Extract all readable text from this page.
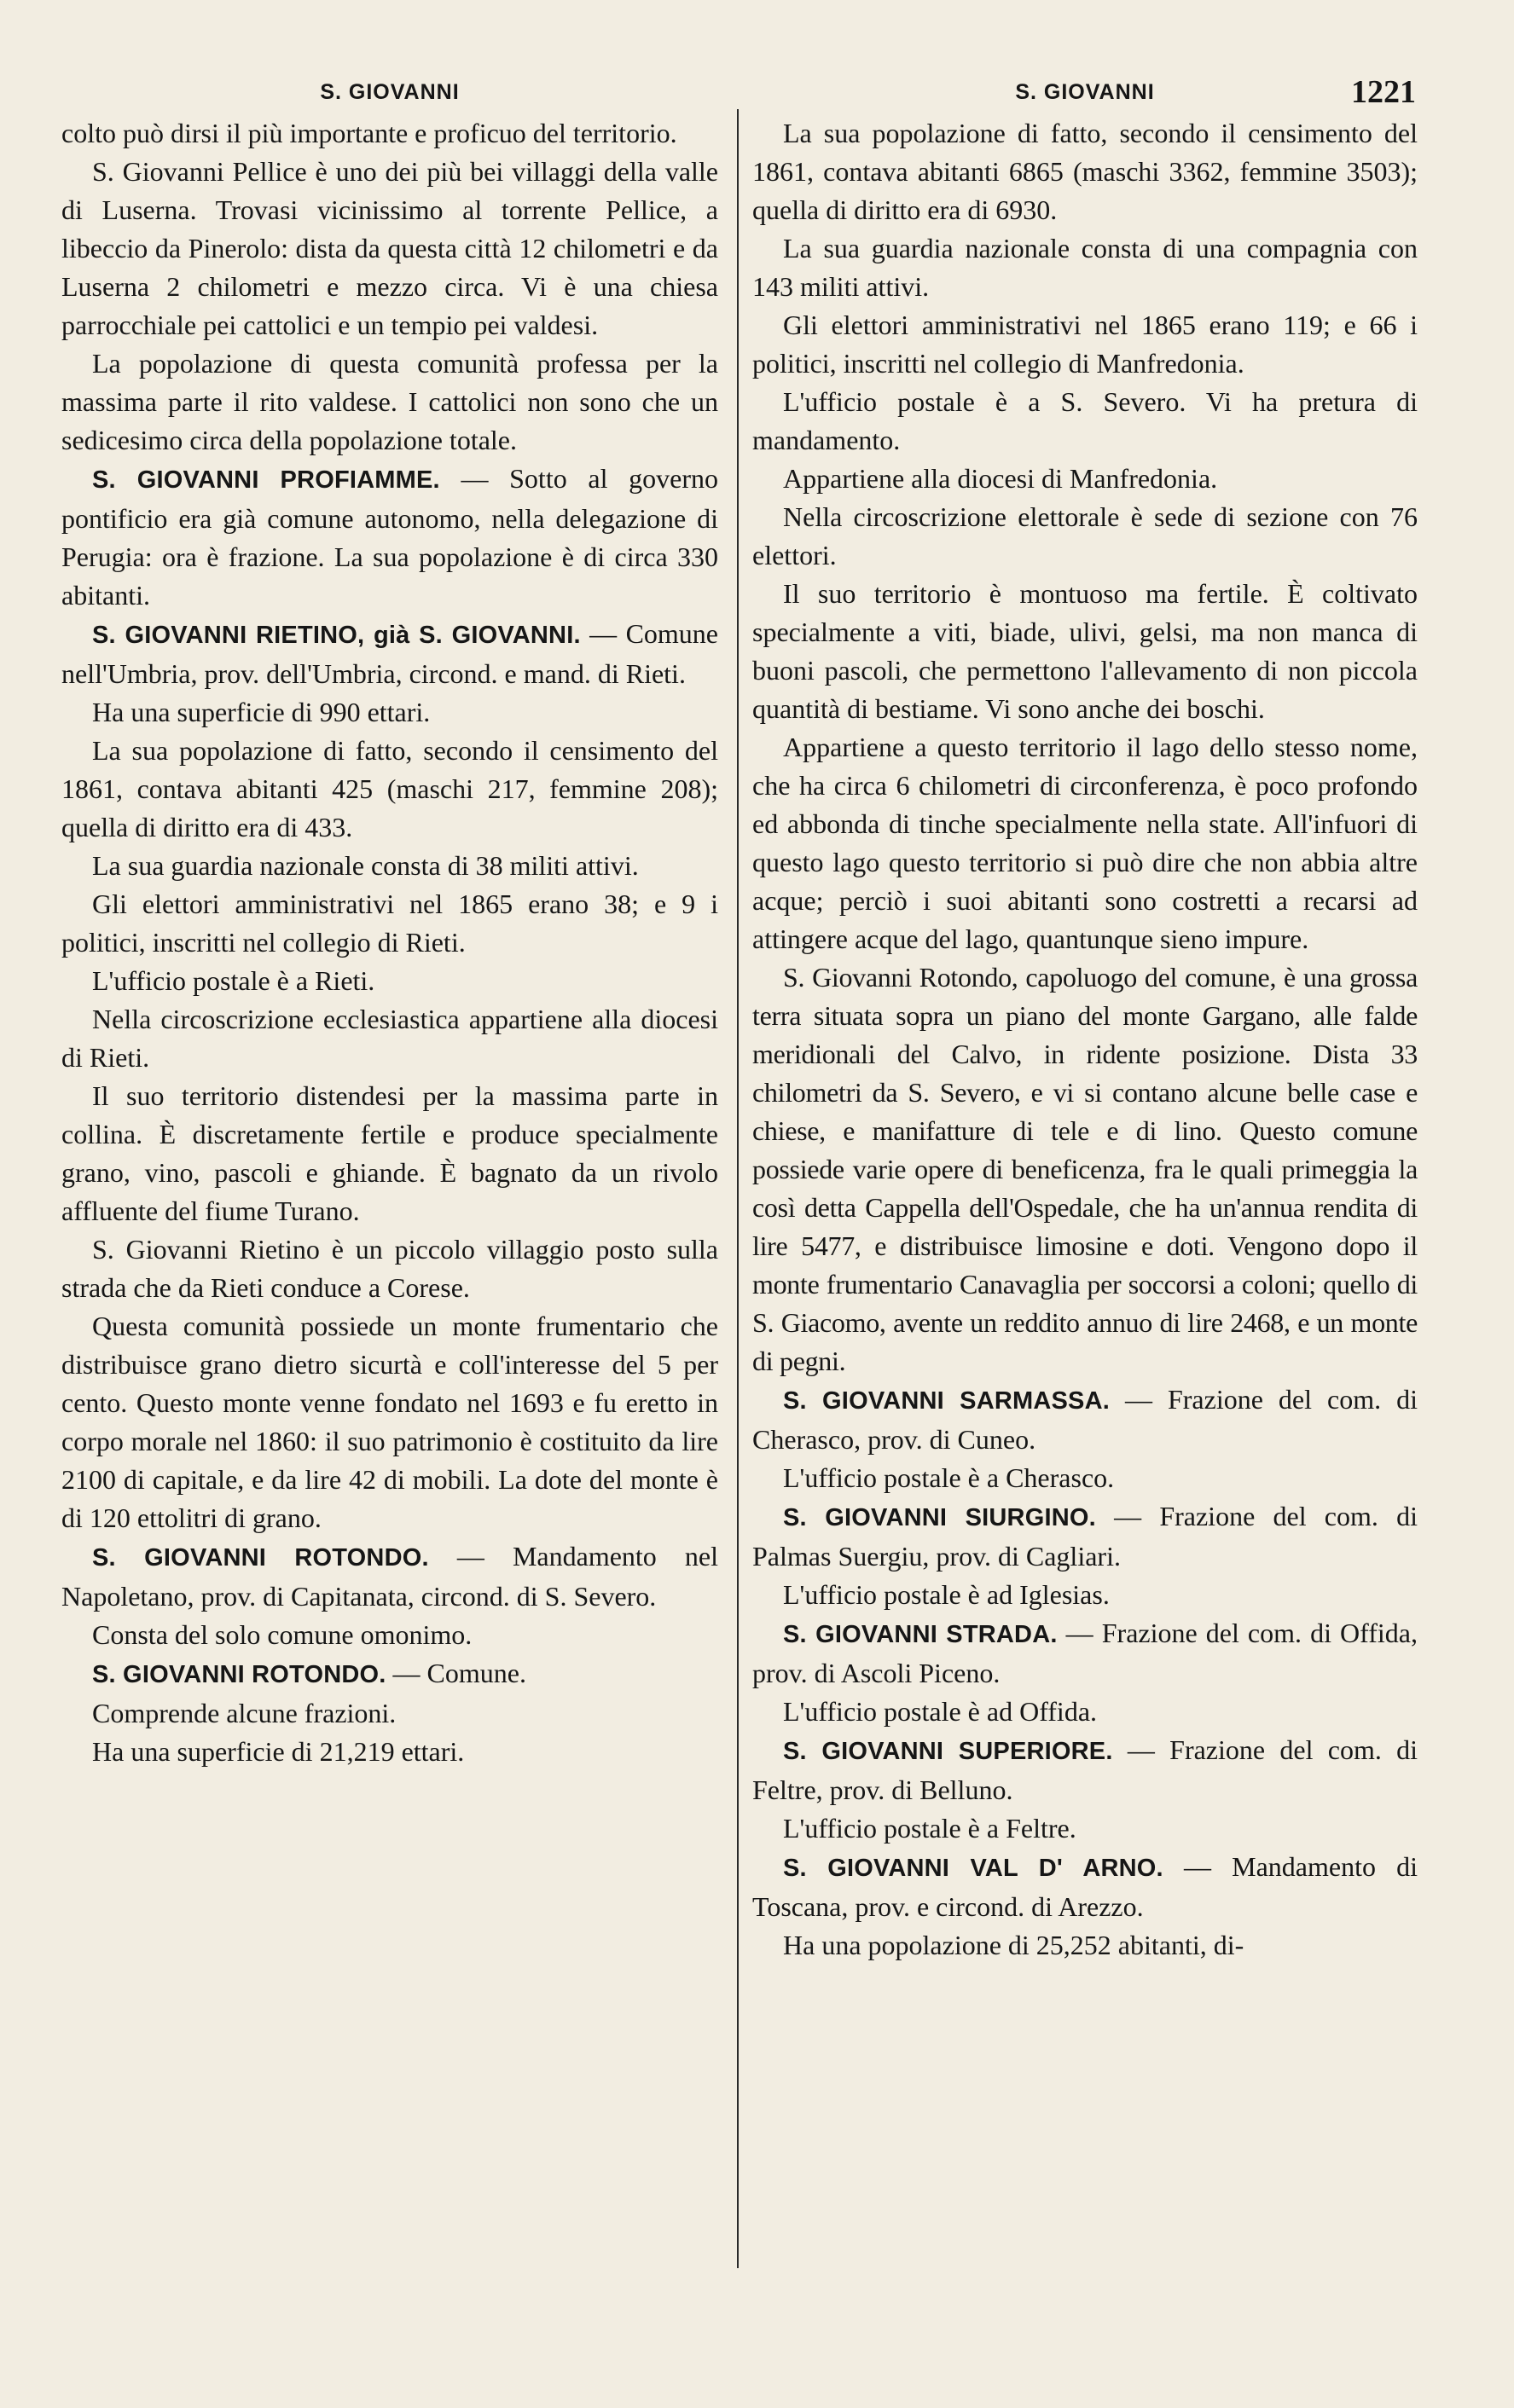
S. GIOVANNI

colto può dirsi il più importante e proficuo del territorio.

S. Giovanni Pellice è uno dei più bei villaggi della valle di Luserna. Trovasi vicinissimo al torrente Pellice, a libeccio da Pinerolo: dista da questa città 12 chilometri e da Luserna 2 chilometri e mezzo circa. Vi è una chiesa parrocchiale pei cattolici e un tempio pei valdesi.

La popolazione di questa comunità professa per la massima parte il rito valdese. I cattolici non sono che un sedicesimo circa della popolazione totale.

S. GIOVANNI PROFIAMME. — Sotto al governo pontificio era già comune autonomo, nella delegazione di Perugia: ora è frazione. La sua popolazione è di circa 330 abitanti.

S. GIOVANNI RIETINO, già S. GIOVANNI. — Comune nell'Umbria, prov. dell'Umbria, circond. e mand. di Rieti.

Ha una superficie di 990 ettari.

La sua popolazione di fatto, secondo il censimento del 1861, contava abitanti 425 (maschi 217, femmine 208); quella di diritto era di 433.

La sua guardia nazionale consta di 38 militi attivi.

Gli elettori amministrativi nel 1865 erano 38; e 9 i politici, inscritti nel collegio di Rieti.

L'ufficio postale è a Rieti.

Nella circoscrizione ecclesiastica appartiene alla diocesi di Rieti.

Il suo territorio distendesi per la massima parte in collina. È discretamente fertile e produce specialmente grano, vino, pascoli e ghiande. È bagnato da un rivolo affluente del fiume Turano.

S. Giovanni Rietino è un piccolo villaggio posto sulla strada che da Rieti conduce a Corese.

Questa comunità possiede un monte frumentario che distribuisce grano dietro sicurtà e coll'interesse del 5 per cento. Questo monte venne fondato nel 1693 e fu eretto in corpo morale nel 1860: il suo patrimonio è costituito da lire 2100 di capitale, e da lire 42 di mobili. La dote del monte è di 120 ettolitri di grano.

S. GIOVANNI ROTONDO. — Mandamento nel Napoletano, prov. di Capitanata, circond. di S. Severo.

Consta del solo comune omonimo.

S. GIOVANNI ROTONDO. — Comune.

Comprende alcune frazioni.

Ha una superficie di 21,219 ettari.

S. GIOVANNI	1221

La sua popolazione di fatto, secondo il censimento del 1861, contava abitanti 6865 (maschi 3362, femmine 3503); quella di diritto era di 6930.

La sua guardia nazionale consta di una compagnia con 143 militi attivi.

Gli elettori amministrativi nel 1865 erano 119; e 66 i politici, inscritti nel collegio di Manfredonia.

L'ufficio postale è a S. Severo. Vi ha pretura di mandamento.

Appartiene alla diocesi di Manfredonia.

Nella circoscrizione elettorale è sede di sezione con 76 elettori.

Il suo territorio è montuoso ma fertile. È coltivato specialmente a viti, biade, ulivi, gelsi, ma non manca di buoni pascoli, che permettono l'allevamento di non piccola quantità di bestiame. Vi sono anche dei boschi.

Appartiene a questo territorio il lago dello stesso nome, che ha circa 6 chilometri di circonferenza, è poco profondo ed abbonda di tinche specialmente nella state. All'infuori di questo lago questo territorio si può dire che non abbia altre acque; perciò i suoi abitanti sono costretti a recarsi ad attingere acque del lago, quantunque sieno impure.

S. Giovanni Rotondo, capoluogo del comune, è una grossa terra situata sopra un piano del monte Gargano, alle falde meridionali del Calvo, in ridente posizione. Dista 33 chilometri da S. Severo, e vi si contano alcune belle case e chiese, e manifatture di tele e di lino. Questo comune possiede varie opere di beneficenza, fra le quali primeggia la così detta Cappella dell'Ospedale, che ha un'annua rendita di lire 5477, e distribuisce limosine e doti. Vengono dopo il monte frumentario Canavaglia per soccorsi a coloni; quello di S. Giacomo, avente un reddito annuo di lire 2468, e un monte di pegni.

S. GIOVANNI SARMASSA. — Frazione del com. di Cherasco, prov. di Cuneo.

L'ufficio postale è a Cherasco.

S. GIOVANNI SIURGINO. — Frazione del com. di Palmas Suergiu, prov. di Cagliari.

L'ufficio postale è ad Iglesias.

S. GIOVANNI STRADA. — Frazione del com. di Offida, prov. di Ascoli Piceno.

L'ufficio postale è ad Offida.

S. GIOVANNI SUPERIORE. — Frazione del com. di Feltre, prov. di Belluno.

L'ufficio postale è a Feltre.

S. GIOVANNI VAL D' ARNO. — Mandamento di Toscana, prov. e circond. di Arezzo.

Ha una popolazione di 25,252 abitanti, di-
